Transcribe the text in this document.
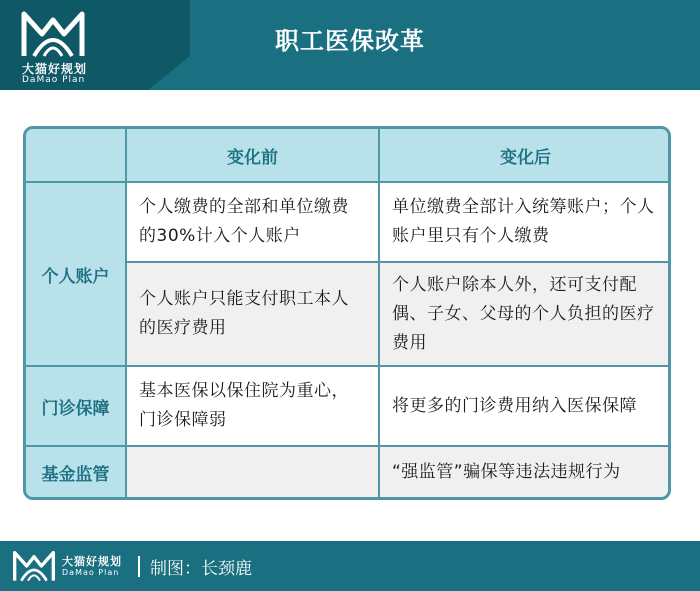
大猫好规划
DaMao Plan
职工医保改革
变化前	变化后
个人账户
个人缴费的全部和单位缴费的30%计入个人账户
单位缴费全部计入统筹账户；个人账户里只有个人缴费
个人账户只能支付职工本人的医疗费用
个人账户除本人外，还可支付配偶、子女、父母的个人负担的医疗费用
门诊保障
基本医保以保住院为重心，门诊保障弱
将更多的门诊费用纳入医保保障
基金监管	“强监管”骗保等违法违规行为
大猫好规划
DaMao Plan 制图：长颈鹿
